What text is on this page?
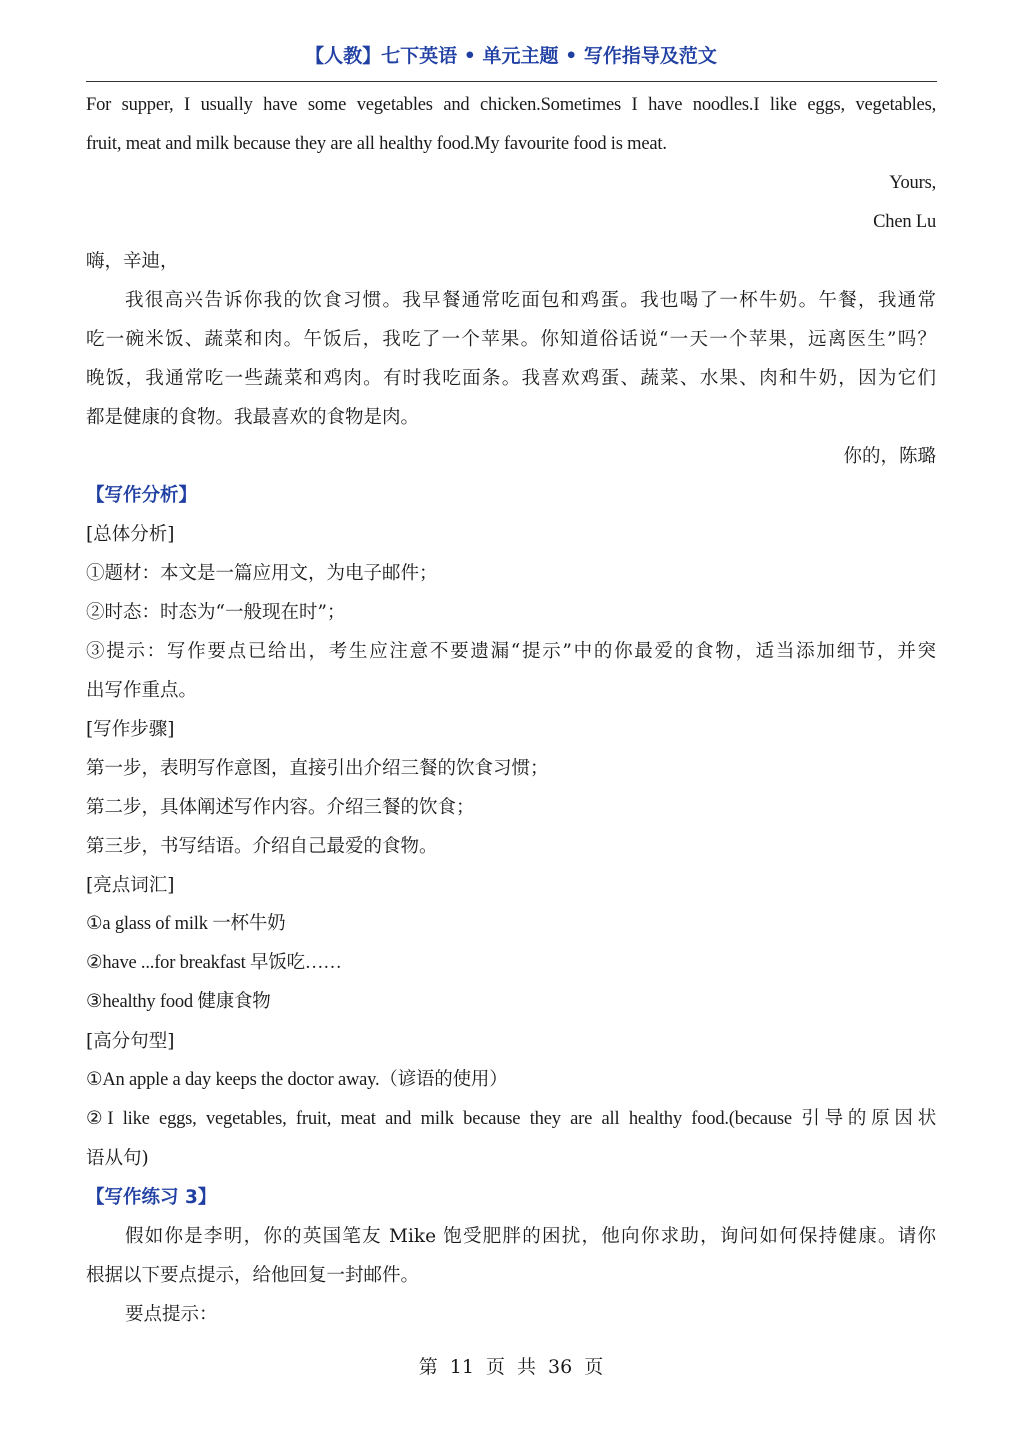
【人教】七下英语 • 单元主题 • 写作指导及范文
For supper, I usually have some vegetables and chicken.Sometimes I have noodles.I like eggs, vegetables,
fruit, meat and milk because they are all healthy food.My favourite food is meat.
Yours,
Chen Lu
嗨，辛迪，
我很高兴告诉你我的饮食习惯。我早餐通常吃面包和鸡蛋。我也喝了一杯牛奶。午餐，我通常
吃一碗米饭、蔬菜和肉。午饭后，我吃了一个苹果。你知道俗话说“一天一个苹果，远离医生”吗？
晚饭，我通常吃一些蔬菜和鸡肉。有时我吃面条。我喜欢鸡蛋、蔬菜、水果、肉和牛奶，因为它们
都是健康的食物。我最喜欢的食物是肉。
你的，陈璐
【写作分析】
[总体分析]
①题材：本文是一篇应用文，为电子邮件；
②时态：时态为“一般现在时”；
③提示：写作要点已给出，考生应注意不要遗漏“提示”中的你最爱的食物，适当添加细节，并突
出写作重点。
[写作步骤]
第一步，表明写作意图，直接引出介绍三餐的饮食习惯；
第二步，具体阐述写作内容。介绍三餐的饮食；
第三步，书写结语。介绍自己最爱的食物。
[亮点词汇]
①a glass of milk 一杯牛奶
②have ...for breakfast 早饭吃……
③healthy food 健康食物
[高分句型]
①An apple a day keeps the doctor away.（谚语的使用）
②I like eggs, vegetables, fruit, meat and milk because they are all healthy food.(because 引导的原因状
语从句)
【写作练习 3】
假如你是李明，你的英国笔友 Mike 饱受肥胖的困扰，他向你求助，询问如何保持健康。请你
根据以下要点提示，给他回复一封邮件。
要点提示：
第 11 页 共 36 页
